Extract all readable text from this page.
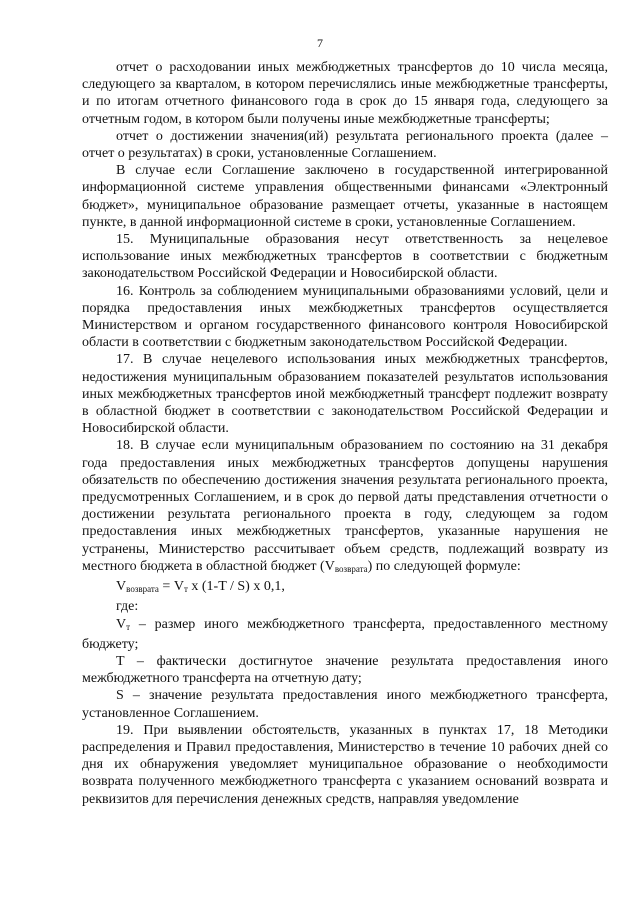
7

отчет о расходовании иных межбюджетных трансфертов до 10 числа месяца, следующего за кварталом, в котором перечислялись иные межбюджетные трансферты, и по итогам отчетного финансового года в срок до 15 января года, следующего за отчетным годом, в котором были получены иные межбюджетные трансферты;

отчет о достижении значения(ий) результата регионального проекта (далее – отчет о результатах) в сроки, установленные Соглашением.

В случае если Соглашение заключено в государственной интегрированной информационной системе управления общественными финансами «Электронный бюджет», муниципальное образование размещает отчеты, указанные в настоящем пункте, в данной информационной системе в сроки, установленные Соглашением.

15. Муниципальные образования несут ответственность за нецелевое использование иных межбюджетных трансфертов в соответствии с бюджетным законодательством Российской Федерации и Новосибирской области.

16. Контроль за соблюдением муниципальными образованиями условий, цели и порядка предоставления иных межбюджетных трансфертов осуществляется Министерством и органом государственного финансового контроля Новосибирской области в соответствии с бюджетным законодательством Российской Федерации.

17. В случае нецелевого использования иных межбюджетных трансфертов, недостижения муниципальным образованием показателей результатов использования иных межбюджетных трансфертов иной межбюджетный трансферт подлежит возврату в областной бюджет в соответствии с законодательством Российской Федерации и Новосибирской области.

18. В случае если муниципальным образованием по состоянию на 31 декабря года предоставления иных межбюджетных трансфертов допущены нарушения обязательств по обеспечению достижения значения результата регионального проекта, предусмотренных Соглашением, и в срок до первой даты представления отчетности о достижении результата регионального проекта в году, следующем за годом предоставления иных межбюджетных трансфертов, указанные нарушения не устранены, Министерство рассчитывает объем средств, подлежащий возврату из местного бюджета в областной бюджет $(V_{возврата})$ по следующей формуле:

$V_{возврата} = V_т$ x (1-T / S) x 0,1,

где:

$V_т$ – размер иного межбюджетного трансферта, предоставленного местному бюджету;

T – фактически достигнутое значение результата предоставления иного межбюджетного трансферта на отчетную дату;

S – значение результата предоставления иного межбюджетного трансферта, установленное Соглашением.

19. При выявлении обстоятельств, указанных в пунктах 17, 18 Методики распределения и Правил предоставления, Министерство в течение 10 рабочих дней со дня их обнаружения уведомляет муниципальное образование о необходимости возврата полученного межбюджетного трансферта с указанием оснований возврата и реквизитов для перечисления денежных средств, направляя уведомление
